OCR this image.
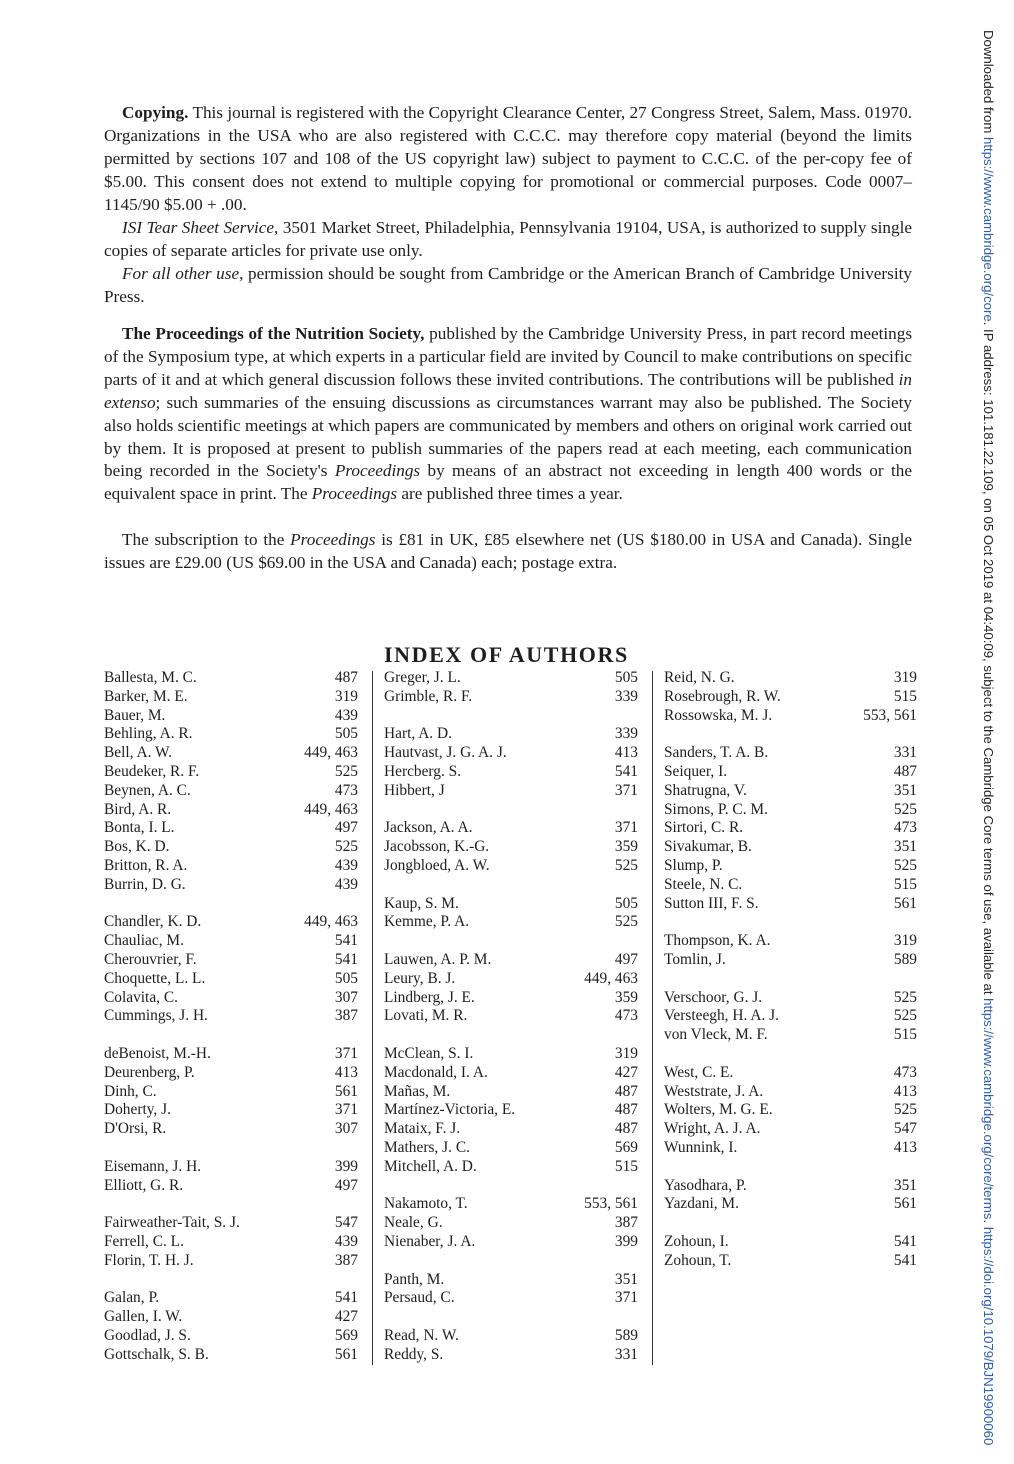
Downloaded from https://www.cambridge.org/core. IP address: 101.181.22.109, on 05 Oct 2019 at 04:40:09, subject to the Cambridge Core terms of use, available at https://www.cambridge.org/core/terms. https://doi.org/10.1079/BJN19900060

Copying. This journal is registered with the Copyright Clearance Center, 27 Congress Street, Salem, Mass. 01970. Organizations in the USA who are also registered with C.C.C. may therefore copy material (beyond the limits permitted by sections 107 and 108 of the US copyright law) subject to payment to C.C.C. of the per-copy fee of $5.00. This consent does not extend to multiple copying for promotional or commercial purposes. Code 0007–1145/90 $5.00 + .00.

ISI Tear Sheet Service, 3501 Market Street, Philadelphia, Pennsylvania 19104, USA, is authorized to supply single copies of separate articles for private use only.

For all other use, permission should be sought from Cambridge or the American Branch of Cambridge University Press.

The Proceedings of the Nutrition Society, published by the Cambridge University Press, in part record meetings of the Symposium type, at which experts in a particular field are invited by Council to make contributions on specific parts of it and at which general discussion follows these invited contributions. The contributions will be published in extenso; such summaries of the ensuing discussions as circumstances warrant may also be published. The Society also holds scientific meetings at which papers are communicated by members and others on original work carried out by them. It is proposed at present to publish summaries of the papers read at each meeting, each communication being recorded in the Society's Proceedings by means of an abstract not exceeding in length 400 words or the equivalent space in print. The Proceedings are published three times a year.

The subscription to the Proceedings is £81 in UK, £85 elsewhere net (US $180.00 in USA and Canada). Single issues are £29.00 (US $69.00 in the USA and Canada) each; postage extra.

INDEX OF AUTHORS
Ballesta, M. C.	487
Barker, M. E.	319
Bauer, M.	439
Behling, A. R.	505
Bell, A. W.	449, 463
Beudeker, R. F.	525
Beynen, A. C.	473
Bird, A. R.	449, 463
Bonta, I. L.	497
Bos, K. D.	525
Britton, R. A.	439
Burrin, D. G.	439
Chandler, K. D.	449, 463
Chauliac, M.	541
Cherouvrier, F.	541
Choquette, L. L.	505
Colavita, C.	307
Cummings, J. H.	387
deBenoist, M.-H.	371
Deurenberg, P.	413
Dinh, C.	561
Doherty, J.	371
D'Orsi, R.	307
Eisemann, J. H.	399
Elliott, G. R.	497
Fairweather-Tait, S. J.	547
Ferrell, C. L.	439
Florin, T. H. J.	387
Galan, P.	541
Gallen, I. W.	427
Goodlad, J. S.	569
Gottschalk, S. B.	561
Greger, J. L.	505
Grimble, R. F.	339
Hart, A. D.	339
Hautvast, J. G. A. J.	413
Hercberg. S.	541
Hibbert, J	371
Jackson, A. A.	371
Jacobsson, K.-G.	359
Jongbloed, A. W.	525
Kaup, S. M.	505
Kemme, P. A.	525
Lauwen, A. P. M.	497
Leury, B. J.	449, 463
Lindberg, J. E.	359
Lovati, M. R.	473
McClean, S. I.	319
Macdonald, I. A.	427
Mañas, M.	487
Martínez-Victoria, E.	487
Mataix, F. J.	487
Mathers, J. C.	569
Mitchell, A. D.	515
Nakamoto, T.	553, 561
Neale, G.	387
Nienaber, J. A.	399
Panth, M.	351
Persaud, C.	371
Read, N. W.	589
Reddy, S.	331
Reid, N. G.	319
Rosebrough, R. W.	515
Rossowska, M. J.	553, 561
Sanders, T. A. B.	331
Seiquer, I.	487
Shatrugna, V.	351
Simons, P. C. M.	525
Sirtori, C. R.	473
Sivakumar, B.	351
Slump, P.	525
Steele, N. C.	515
Sutton III, F. S.	561
Thompson, K. A.	319
Tomlin, J.	589
Verschoor, G. J.	525
Versteegh, H. A. J.	525
von Vleck, M. F.	515
West, C. E.	473
Weststrate, J. A.	413
Wolters, M. G. E.	525
Wright, A. J. A.	547
Wunnink, I.	413
Yasodhara, P.	351
Yazdani, M.	561
Zohoun, I.	541
Zohoun, T.	541
